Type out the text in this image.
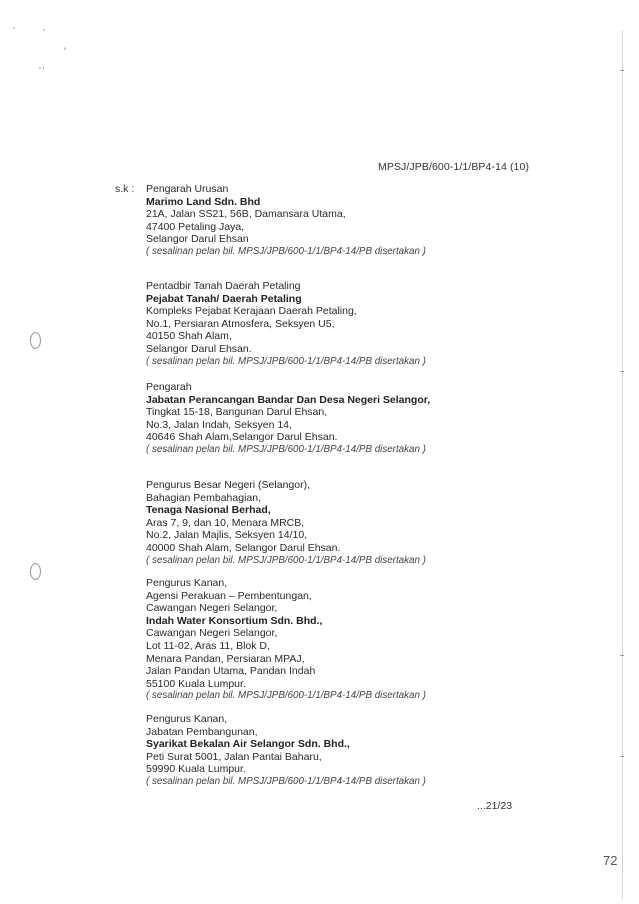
· ·
'
··
MPSJ/JPB/600-1/1/BP4-14 (10)
s.k : Pengarah Urusan
Marimo Land Sdn. Bhd
21A, Jalan SS21, 56B, Damansara Utama,
47400 Petaling Jaya,
Selangor Darul Ehsan
( sesalinan pelan bil. MPSJ/JPB/600-1/1/BP4-14/PB disertakan )
Pentadbir Tanah Daerah Petaling
Pejabat Tanah/ Daerah Petaling
Kompleks Pejabat Kerajaan Daerah Petaling,
No.1, Persiaran Atmosfera, Seksyen U5,
40150 Shah Alam,
Selangor Darul Ehsan.
( sesalinan pelan bil. MPSJ/JPB/600-1/1/BP4-14/PB disertakan )
Pengarah
Jabatan Perancangan Bandar Dan Desa Negeri Selangor,
Tingkat 15-18, Bangunan Darul Ehsan,
No.3, Jalan Indah, Seksyen 14,
40646 Shah Alam,Selangor Darul Ehsan.
( sesalinan pelan bil. MPSJ/JPB/600-1/1/BP4-14/PB disertakan )
Pengurus Besar Negeri (Selangor),
Bahagian Pembahagian,
Tenaga Nasional Berhad,
Aras 7, 9, dan 10, Menara MRCB,
No.2, Jalan Majlis, Seksyen 14/10,
40000 Shah Alam, Selangor Darul Ehsan.
( sesalinan pelan bil. MPSJ/JPB/600-1/1/BP4-14/PB disertakan )
Pengurus Kanan,
Agensi Perakuan – Pembentungan,
Cawangan Negeri Selangor,
Indah Water Konsortium Sdn. Bhd.,
Cawangan Negeri Selangor,
Lot 11-02, Aras 11, Blok D,
Menara Pandan, Persiaran MPAJ,
Jalan Pandan Utama, Pandan Indah
55100 Kuala Lumpur.
( sesalinan pelan bil. MPSJ/JPB/600-1/1/BP4-14/PB disertakan )
Pengurus Kanan,
Jabatan Pembangunan,
Syarikat Bekalan Air Selangor Sdn. Bhd.,
Peti Surat 5001, Jalan Pantai Baharu,
59990 Kuala Lumpur.
( sesalinan pelan bil. MPSJ/JPB/600-1/1/BP4-14/PB disertakan )
...21/23
72
